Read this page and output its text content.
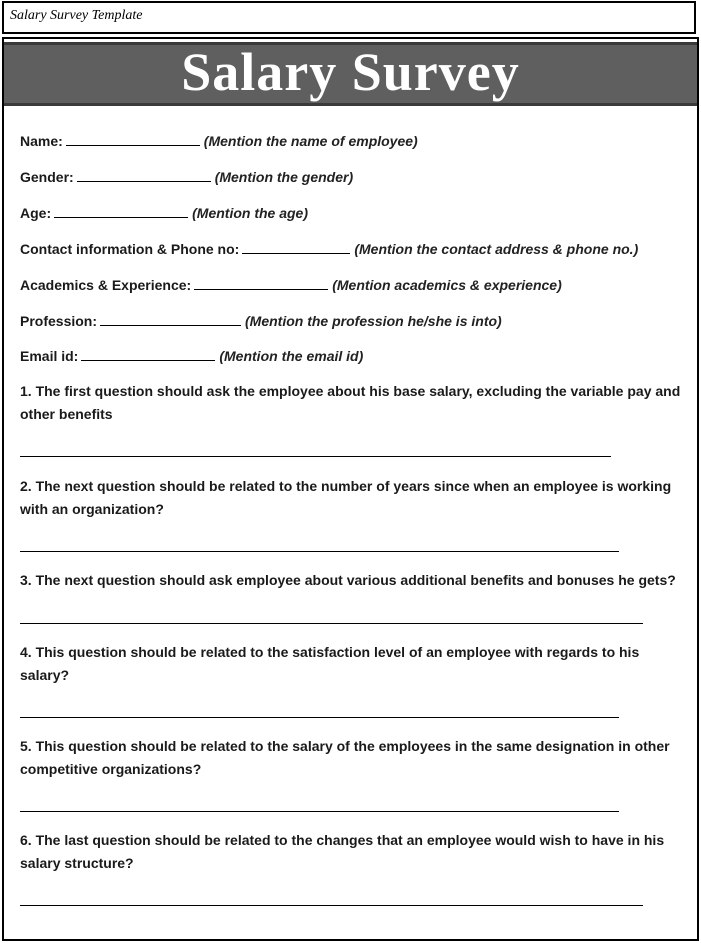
Salary Survey Template
Salary Survey
Name:	(Mention the name of employee)
Gender:	(Mention the gender)
Age:	(Mention the age)
Contact information & Phone no:	(Mention the contact address & phone no.)
Academics & Experience:	(Mention academics & experience)
Profession:	(Mention the profession he/she is into)
Email id:	(Mention the email id)
1. The first question should ask the employee about his base salary, excluding the variable pay and other benefits
2. The next question should be related to the number of years since when an employee is working with an organization?
3. The next question should ask employee about various additional benefits and bonuses he gets?
4. This question should be related to the satisfaction level of an employee with regards to his salary?
5. This question should be related to the salary of the employees in the same designation in other competitive organizations?
6. The last question should be related to the changes that an employee would wish to have in his salary structure?
